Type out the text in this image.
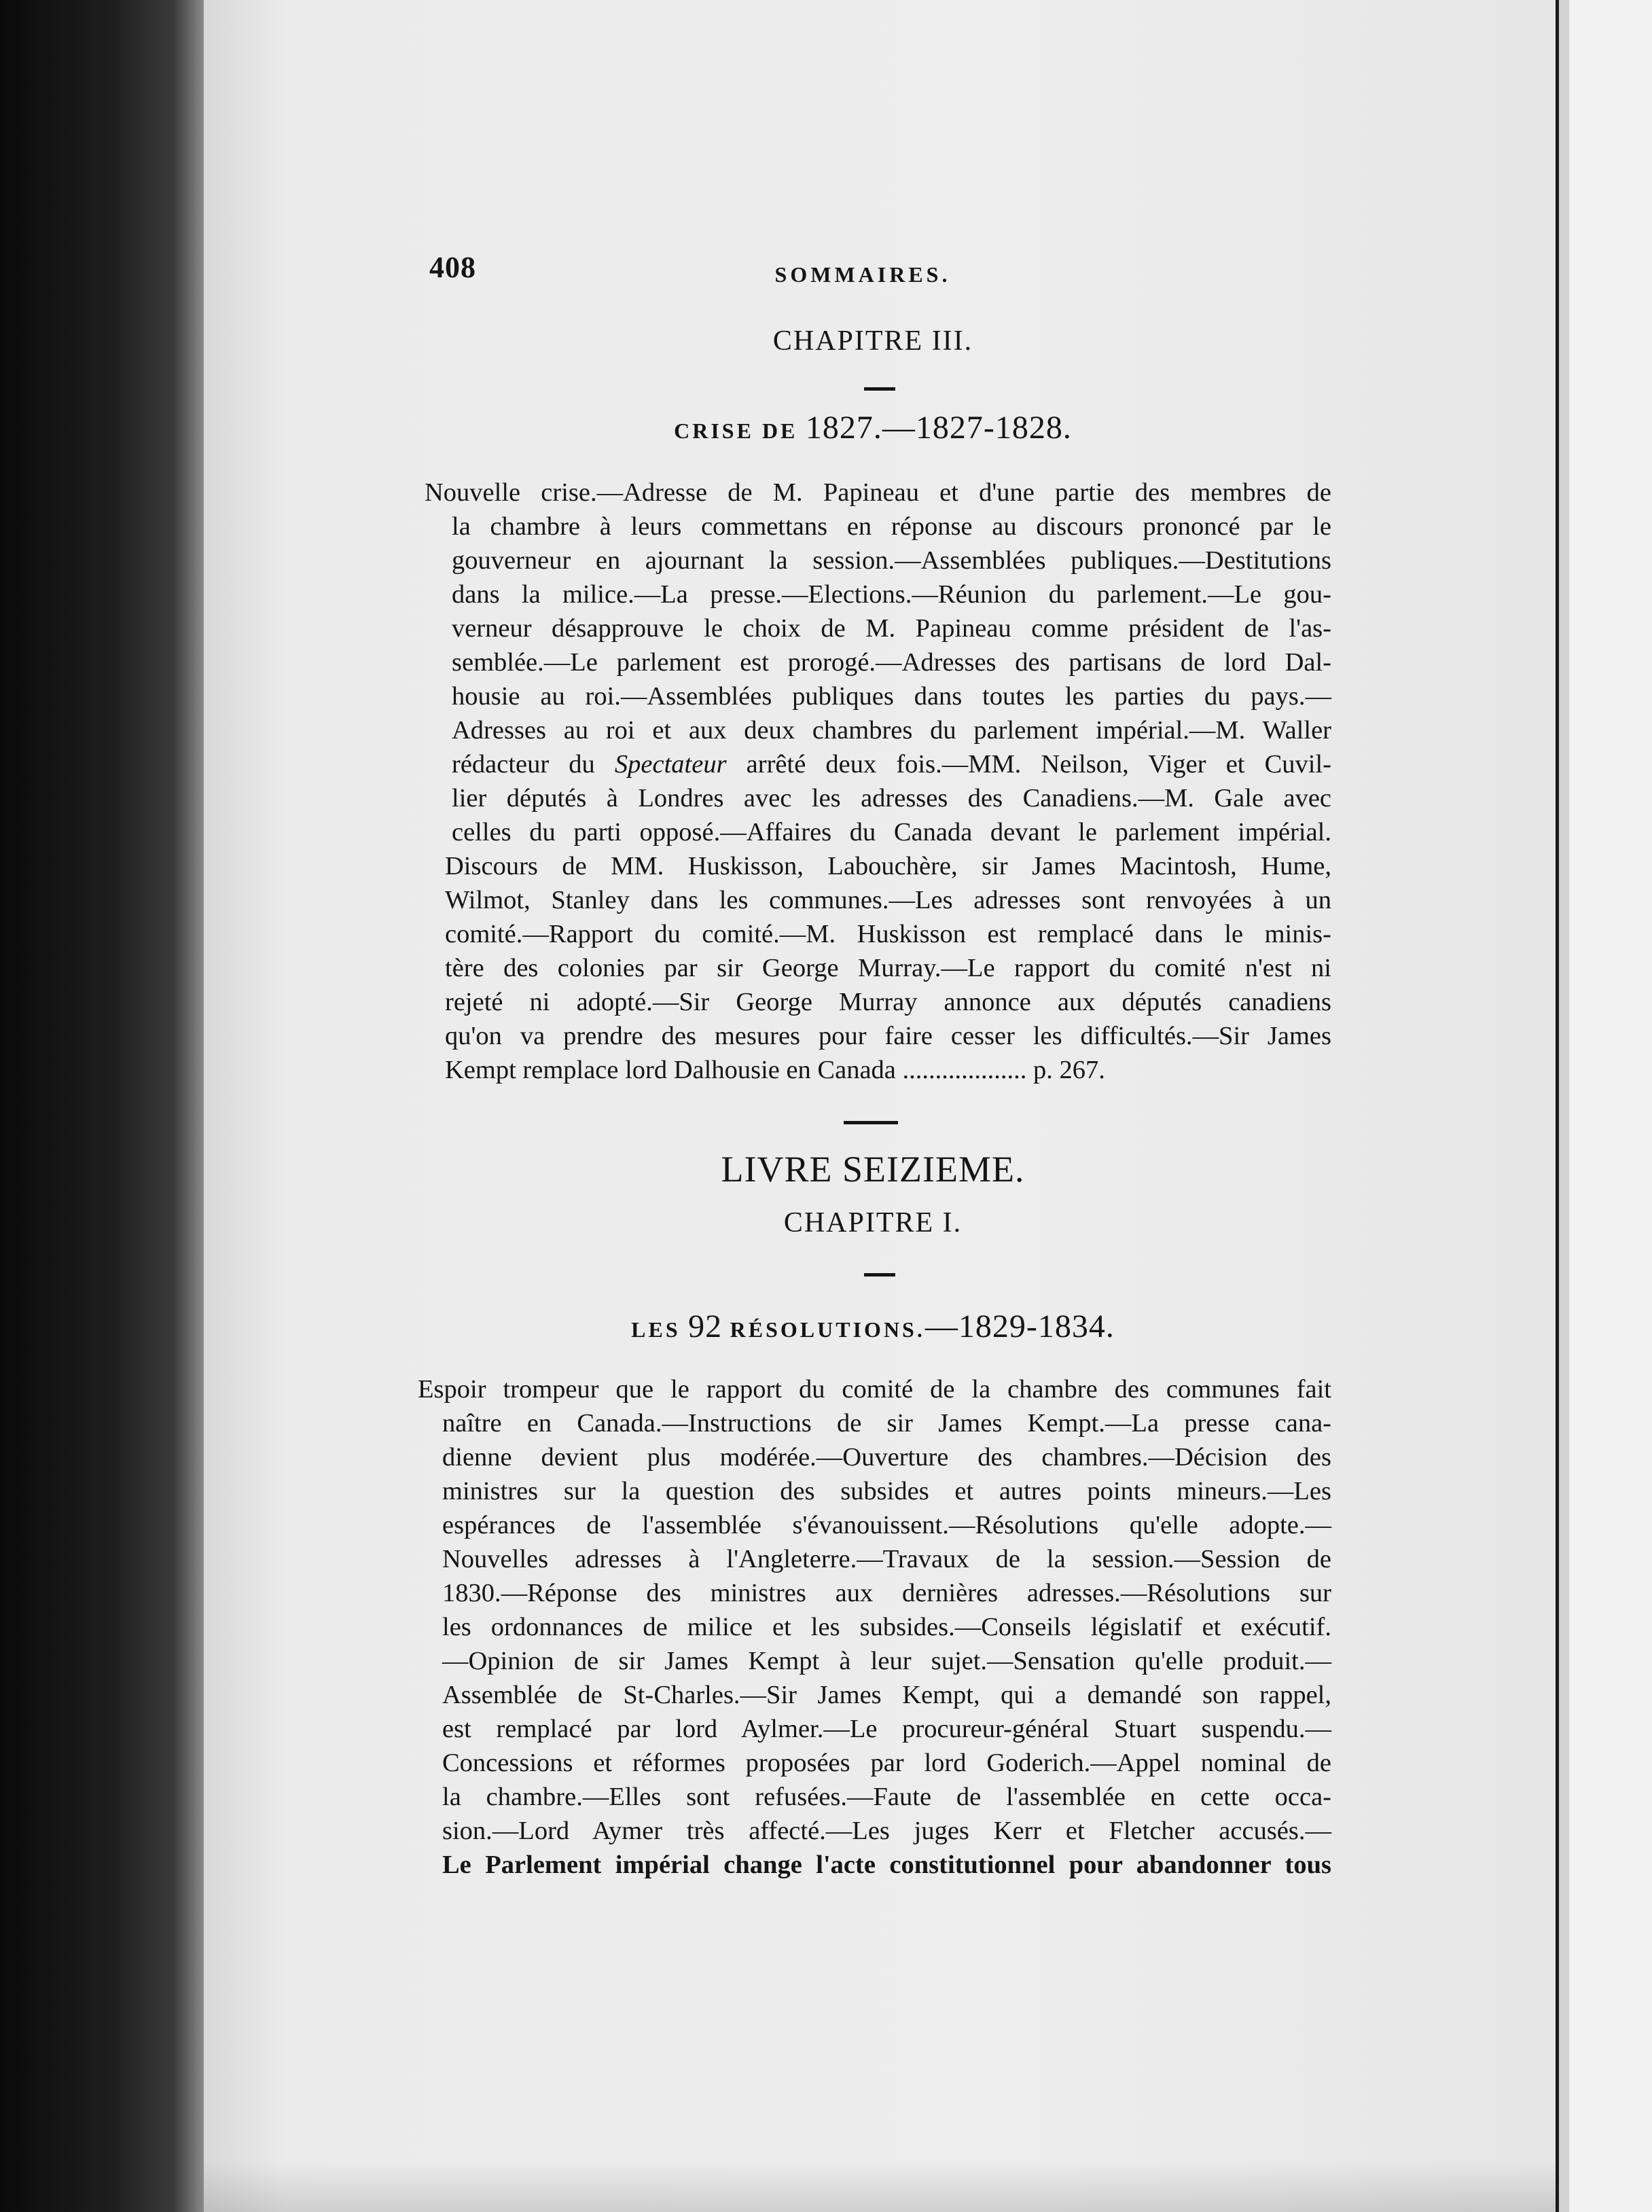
408	SOMMAIRES.
CHAPITRE III.
CRISE DE 1827.—1827-1828.
Nouvelle crise.—Adresse de M. Papineau et d'une partie des membres de
la chambre à leurs commettans en réponse au discours prononcé par le
gouverneur en ajournant la session.—Assemblées publiques.—Destitutions
dans la milice.—La presse.—Elections.—Réunion du parlement.—Le gou-
verneur désapprouve le choix de M. Papineau comme président de l'as-
semblée.—Le parlement est prorogé.—Adresses des partisans de lord Dal-
housie au roi.—Assemblées publiques dans toutes les parties du pays.—
Adresses au roi et aux deux chambres du parlement impérial.—M. Waller
rédacteur du Spectateur arrêté deux fois.—MM. Neilson, Viger et Cuvil-
lier députés à Londres avec les adresses des Canadiens.—M. Gale avec
celles du parti opposé.—Affaires du Canada devant le parlement impérial.
Discours de MM. Huskisson, Labouchère, sir James Macintosh, Hume,
Wilmot, Stanley dans les communes.—Les adresses sont renvoyées à un
comité.—Rapport du comité.—M. Huskisson est remplacé dans le minis-
tère des colonies par sir George Murray.—Le rapport du comité n'est ni
rejeté ni adopté.—Sir George Murray annonce aux députés canadiens
qu'on va prendre des mesures pour faire cesser les difficultés.—Sir James
Kempt remplace lord Dalhousie en Canada ................... p. 267.
LIVRE SEIZIEME.
CHAPITRE I.
LES 92 RÉSOLUTIONS.—1829-1834.
Espoir trompeur que le rapport du comité de la chambre des communes fait
naître en Canada.—Instructions de sir James Kempt.—La presse cana-
dienne devient plus modérée.—Ouverture des chambres.—Décision des
ministres sur la question des subsides et autres points mineurs.—Les
espérances de l'assemblée s'évanouissent.—Résolutions qu'elle adopte.—
Nouvelles adresses à l'Angleterre.—Travaux de la session.—Session de
1830.—Réponse des ministres aux dernières adresses.—Résolutions sur
les ordonnances de milice et les subsides.—Conseils législatif et exécutif.
—Opinion de sir James Kempt à leur sujet.—Sensation qu'elle produit.—
Assemblée de St-Charles.—Sir James Kempt, qui a demandé son rappel,
est remplacé par lord Aylmer.—Le procureur-général Stuart suspendu.—
Concessions et réformes proposées par lord Goderich.—Appel nominal de
la chambre.—Elles sont refusées.—Faute de l'assemblée en cette occa-
sion.—Lord Aymer très affecté.—Les juges Kerr et Fletcher accusés.—
Le Parlement impérial change l'acte constitutionnel pour abandonner tous
